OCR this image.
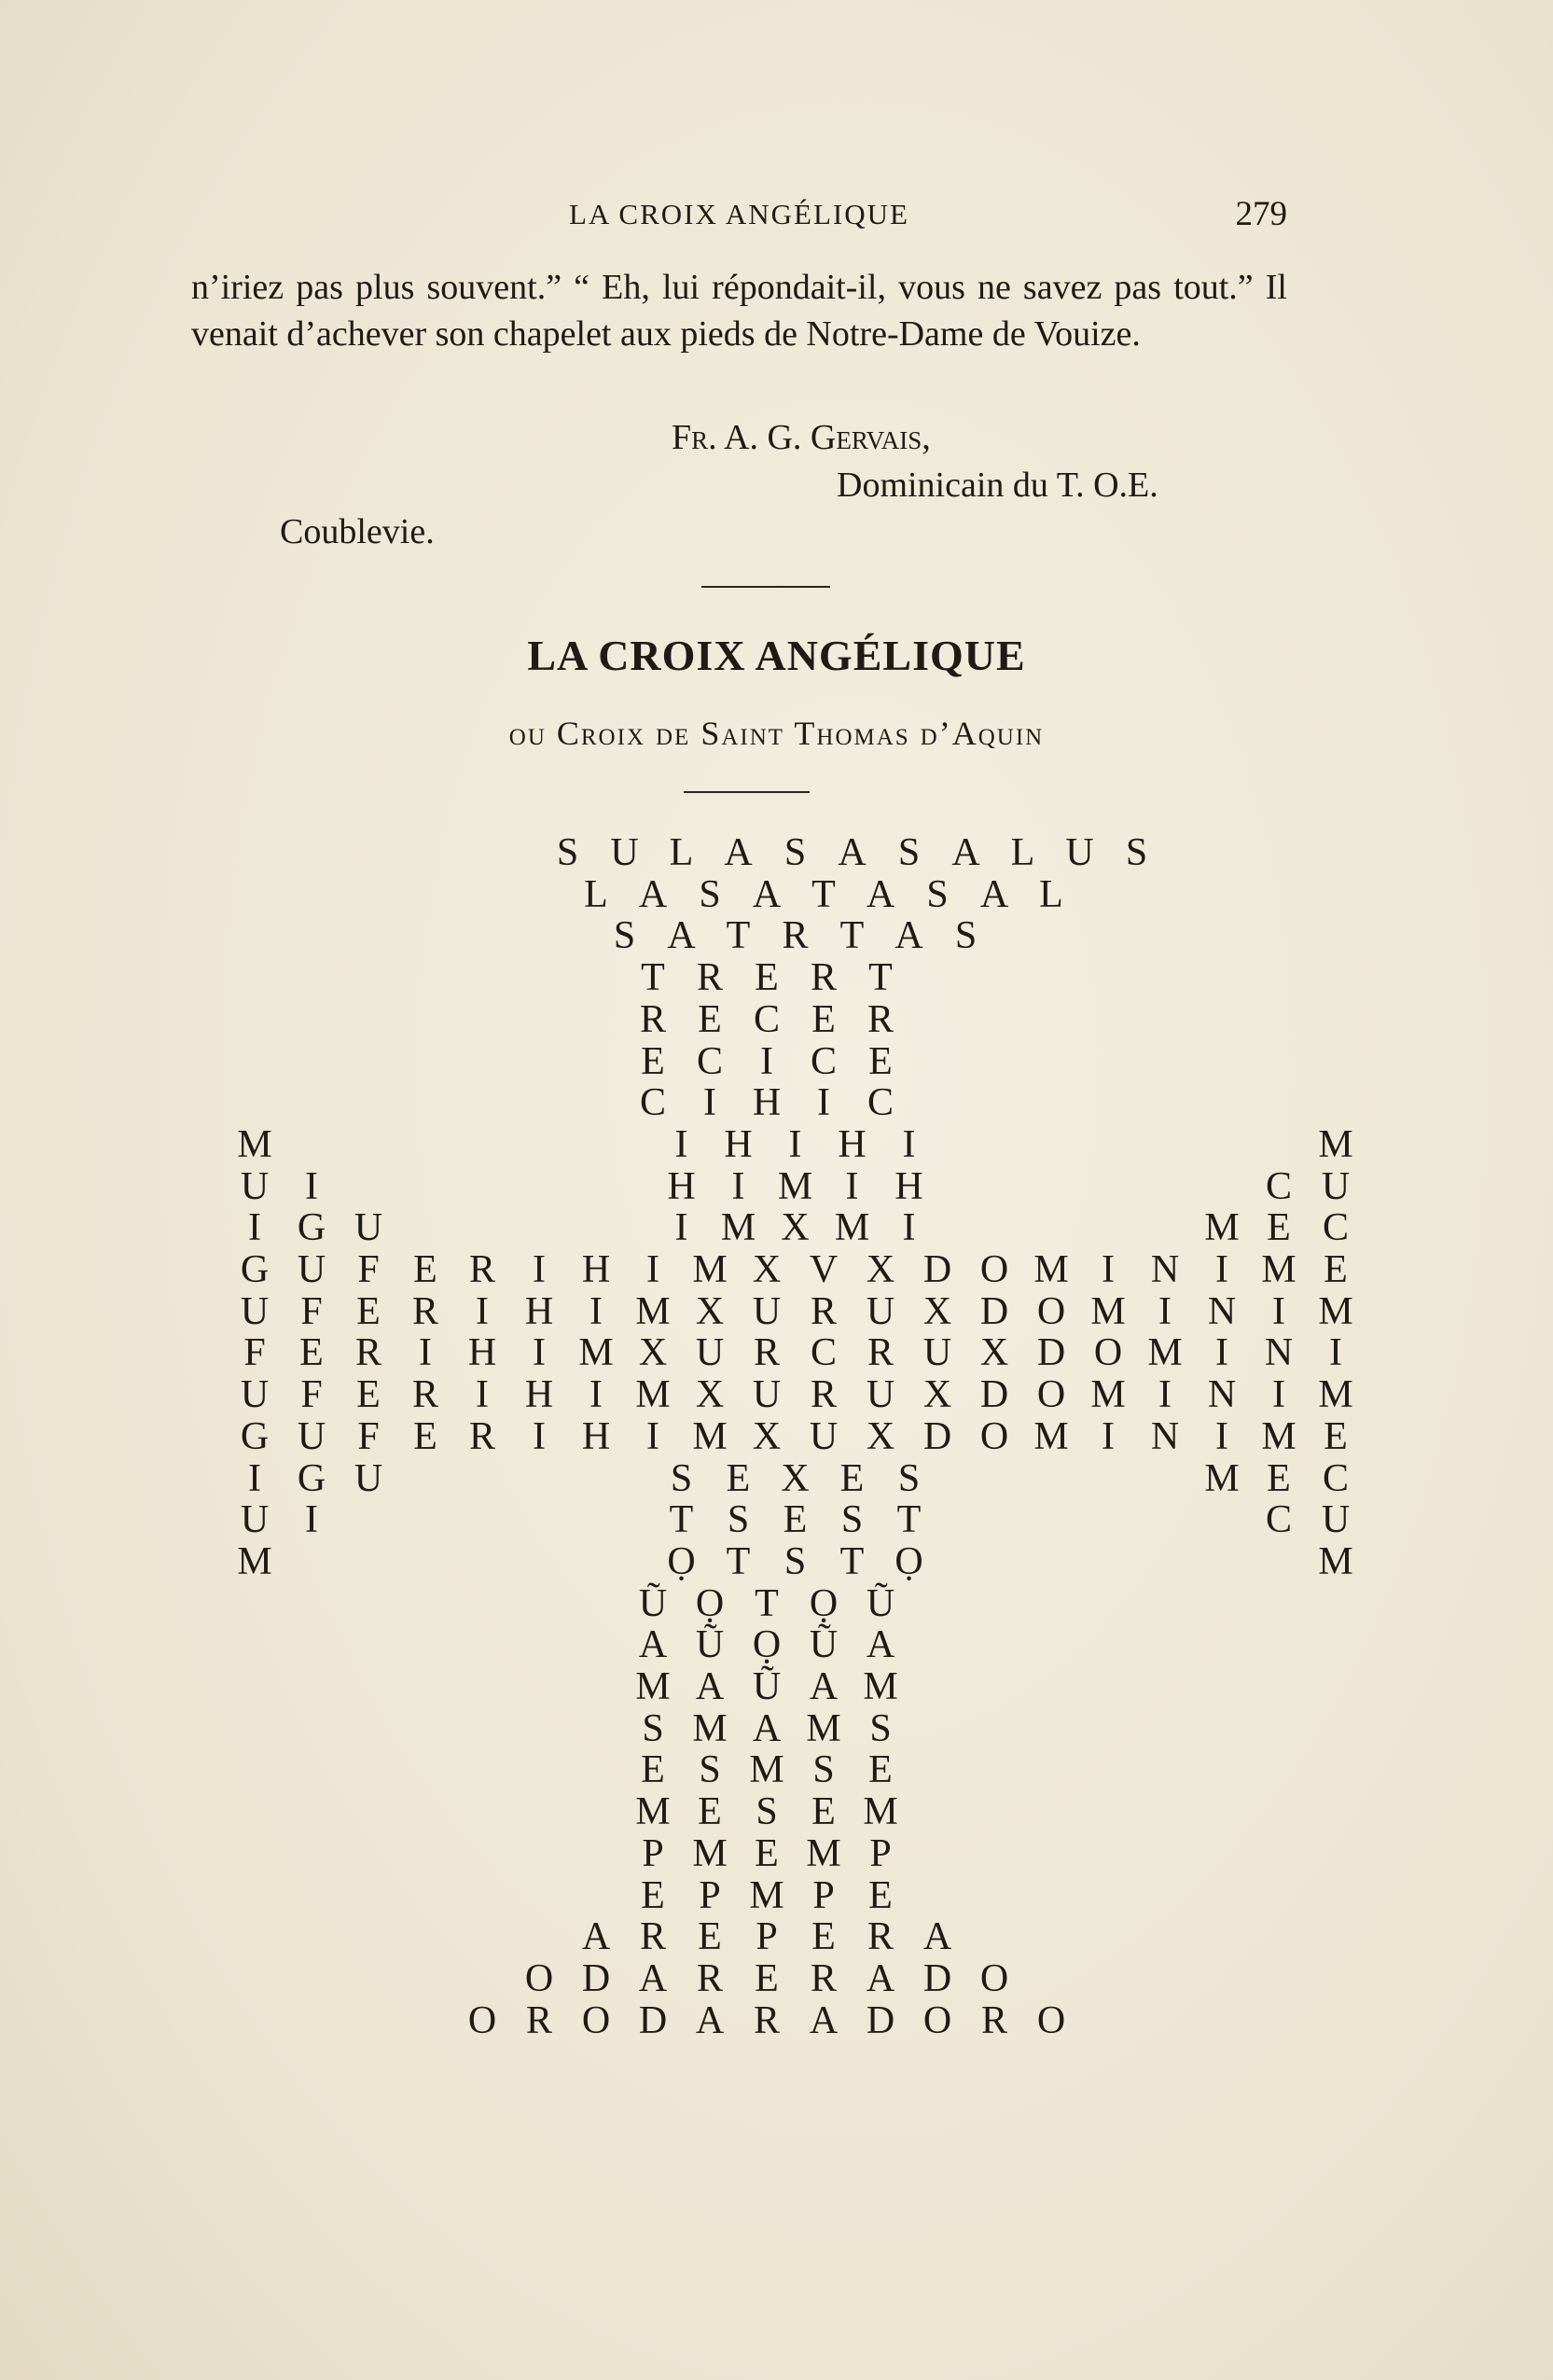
LA CROIX ANGÉLIQUE	279

n’iriez pas plus souvent.” “ Eh, lui répondait-il, vous ne savez pas tout.” Il venait d’achever son chapelet aux pieds de Notre-Dame de Vouize.

Fr. A. G. Gervais,
Dominicain du T. O.E.
Coublevie.
LA CROIX ANGÉLIQUE
ou Croix de Saint Thomas d’Aquin
S U L A S A S A L U S
L A S A T A S A L
S A T R T A S
T R E R T
R E C E R
E C I C E
C I H I C
M	I H I H I	M
U I	H I M I H	C U
I G U	I M X M I	M E C
G U F E R I H I M X V X D O M I N I M E
U F E R I H I M X U R U X D O M I N I M
F E R I H I M X U R C R U X D O M I N I
U F E R I H I M X U R U X D O M I N I M
G U F E R I H I M X U X D O M I N I M E
I G U	S E X E S	M E C
U I	T S E S T	C U
M	Ọ T S T Ọ	M
Ũ Ọ T Ọ Ũ
A Ũ Ọ Ũ A
M A Ũ A M
S M A M S
E S M S E
M E S E M
P M E M P
E P M P E
A R E P E R A
O D A R E R A D O
O R O D A R A D O R O
